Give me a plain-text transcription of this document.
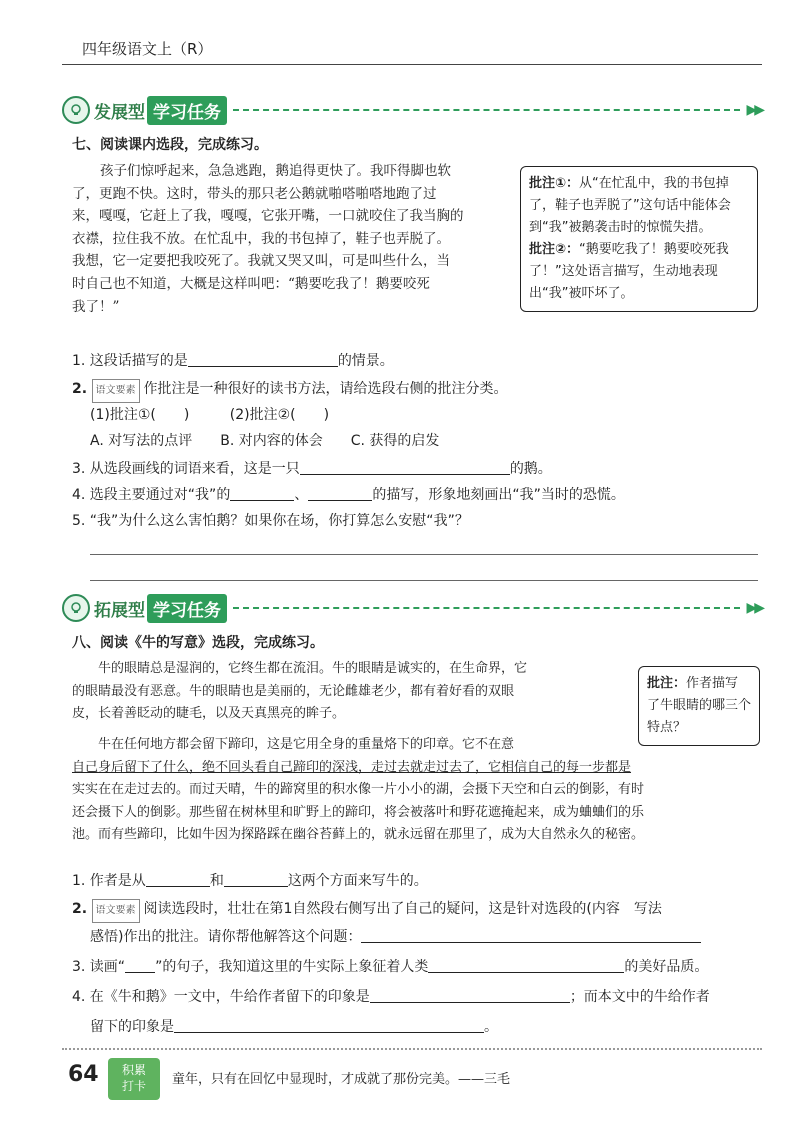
四年级语文上（R）
发展型 学习任务	▶▶
七、阅读课内选段，完成练习。
孩子们惊呼起来，急急逃跑，鹅追得更快了。我吓得脚也软
了，更跑不快。这时，带头的那只老公鹅就啪嗒啪嗒地跑了过
来，嘎嘎，它赶上了我，嘎嘎，它张开嘴，一口就咬住了我当胸的
衣襟，拉住我不放。在忙乱中，我的书包掉了，鞋子也弄脱了。
我想，它一定要把我咬死了。我就又哭又叫，可是叫些什么，当
时自己也不知道，大概是这样叫吧：“鹅要吃我了！鹅要咬死
我了！”
批注①：从“在忙乱中，我的书包掉了，鞋子也弄脱了”这句话中能体会到“我”被鹅袭击时的惊慌失措。
批注②：“鹅要吃我了！鹅要咬死我了！”这处语言描写，生动地表现出“我”被吓坏了。
1. 这段话描写的是	的情景。
2. 语文要素 作批注是一种很好的读书方法，请给选段右侧的批注分类。
(1)批注①(　　)	(2)批注②(　　)
A. 对写法的点评　　B. 对内容的体会　　C. 获得的启发
3. 从选段画线的词语来看，这是一只	的鹅。
4. 选段主要通过对“我”的	、	的描写，形象地刻画出“我”当时的恐慌。
5. “我”为什么这么害怕鹅？如果你在场，你打算怎么安慰“我”？
拓展型 学习任务	▶▶
八、阅读《牛的写意》选段，完成练习。
牛的眼睛总是湿润的，它终生都在流泪。牛的眼睛是诚实的，在生命界，它
的眼睛最没有恶意。牛的眼睛也是美丽的，无论雌雄老少，都有着好看的双眼
皮，长着善眨动的睫毛，以及天真黑亮的眸子。
批注：作者描写了牛眼睛的哪三个特点？
牛在任何地方都会留下蹄印，这是它用全身的重量烙下的印章。它不在意
自己身后留下了什么，绝不回头看自己蹄印的深浅，走过去就走过去了，它相信自己的每一步都是
实实在在走过去的。而过天晴，牛的蹄窝里的积水像一片小小的湖，会摄下天空和白云的倒影，有时
还会摄下人的倒影。那些留在树林里和旷野上的蹄印，将会被落叶和野花遮掩起来，成为蛐蛐们的乐
池。而有些蹄印，比如牛因为探路踩在幽谷苔藓上的，就永远留在那里了，成为大自然永久的秘密。
1. 作者是从	和	这两个方面来写牛的。
2. 语文要素 阅读选段时，壮壮在第1自然段右侧写出了自己的疑问，这是针对选段的(内容　写法
感悟)作出的批注。请你帮他解答这个问题：
3. 读画“ ”的句子，我知道这里的牛实际上象征着人类	的美好品质。
4. 在《牛和鹅》一文中，牛给作者留下的印象是	；而本文中的牛给作者
留下的印象是	。
64	积累
打卡	童年，只有在回忆中显现时，才成就了那份完美。——三毛
